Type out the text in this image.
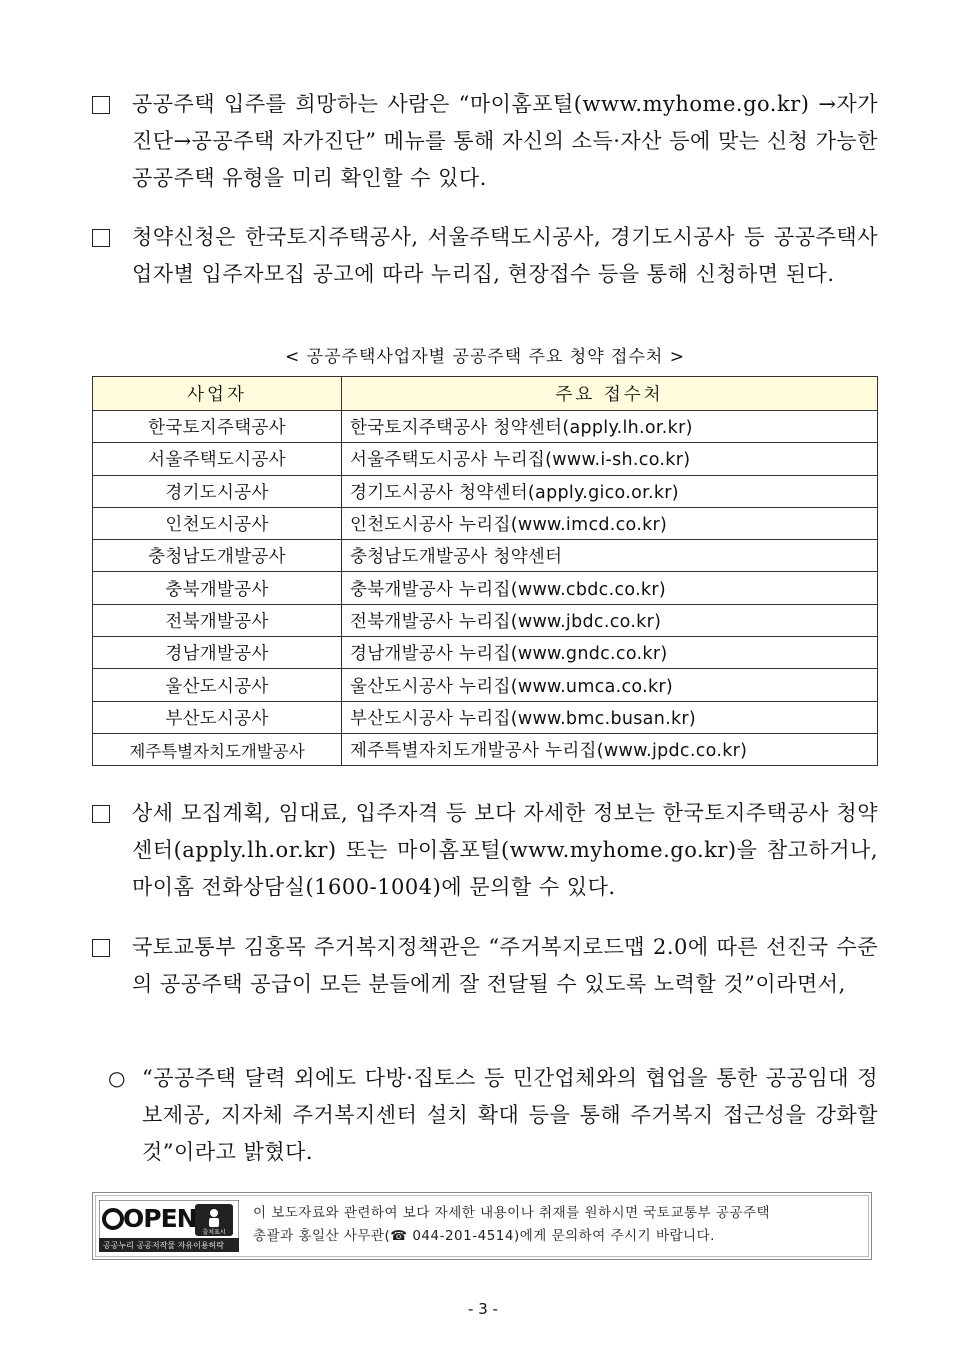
공공주택 입주를 희망하는 사람은 “마이홈포털(www.myhome.go.kr) →자가진단→공공주택 자가진단” 메뉴를 통해 자신의 소득·자산 등에 맞는 신청 가능한 공공주택 유형을 미리 확인할 수 있다.
청약신청은 한국토지주택공사, 서울주택도시공사, 경기도시공사 등 공공주택사업자별 입주자모집 공고에 따라 누리집, 현장접수 등을 통해 신청하면 된다.
< 공공주택사업자별 공공주택 주요 청약 접수처 >
사업자	주요 접수처
한국토지주택공사	한국토지주택공사 청약센터(apply.lh.or.kr)
서울주택도시공사	서울주택도시공사 누리집(www.i-sh.co.kr)
경기도시공사	경기도시공사 청약센터(apply.gico.or.kr)
인천도시공사	인천도시공사 누리집(www.imcd.co.kr)
충청남도개발공사	충청남도개발공사 청약센터
충북개발공사	충북개발공사 누리집(www.cbdc.co.kr)
전북개발공사	전북개발공사 누리집(www.jbdc.co.kr)
경남개발공사	경남개발공사 누리집(www.gndc.co.kr)
울산도시공사	울산도시공사 누리집(www.umca.co.kr)
부산도시공사	부산도시공사 누리집(www.bmc.busan.kr)
제주특별자치도개발공사	제주특별자치도개발공사 누리집(www.jpdc.co.kr)
상세 모집계획, 임대료, 입주자격 등 보다 자세한 정보는 한국토지주택공사 청약센터(apply.lh.or.kr) 또는 마이홈포털(www.myhome.go.kr)을 참고하거나, 마이홈 전화상담실(1600-1004)에 문의할 수 있다.
국토교통부 김홍목 주거복지정책관은 “주거복지로드맵 2.0에 따른 선진국 수준의 공공주택 공급이 모든 분들에게 잘 전달될 수 있도록 노력할 것”이라면서,
○ “공공주택 달력 외에도 다방·집토스 등 민간업체와의 협업을 통한 공공임대 정보제공, 지자체 주거복지센터 설치 확대 등을 통해 주거복지 접근성을 강화할 것”이라고 밝혔다.
OPEN 출처표시
공공누리 공공저작물 자유이용허락
이 보도자료와 관련하여 보다 자세한 내용이나 취재를 원하시면 국토교통부 공공주택
총괄과 홍일산 사무관(☎ 044-201-4514)에게 문의하여 주시기 바랍니다.
- 3 -
